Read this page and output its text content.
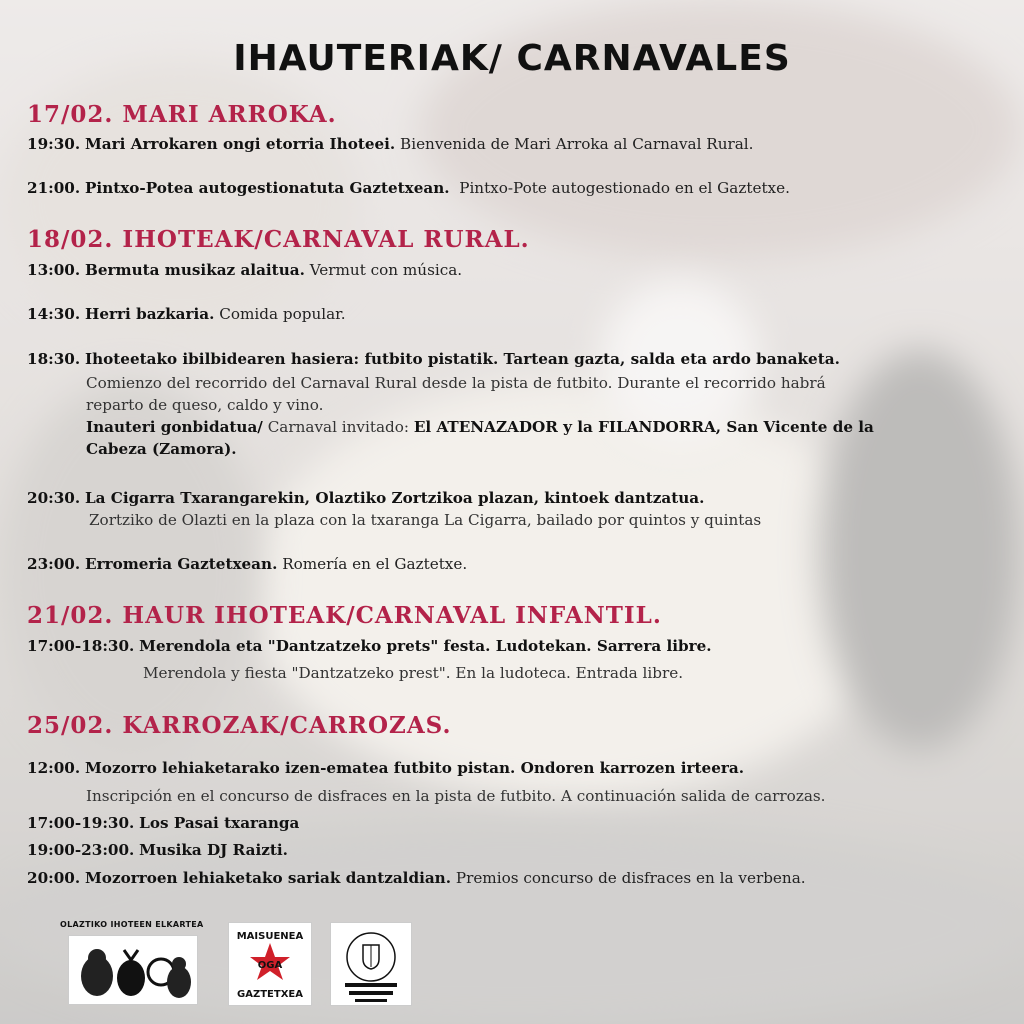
IHAUTERIAK/ CARNAVALES
17/02. MARI ARROKA.
19:30. Mari Arrokaren ongi etorria Ihoteei. Bienvenida de Mari Arroka al Carnaval Rural.
21:00. Pintxo-Potea autogestionatuta Gaztetxean. Pintxo-Pote autogestionado en el Gaztetxe.
18/02. IHOTEAK/CARNAVAL RURAL.
13:00. Bermuta musikaz alaitua. Vermut con música.
14:30. Herri bazkaria. Comida popular.
18:30. Ihoteetako ibilbidearen hasiera: futbito pistatik. Tartean gazta, salda eta ardo banaketa.
Comienzo del recorrido del Carnaval Rural desde la pista de futbito. Durante el recorrido habrá
reparto de queso, caldo y vino.
Inauteri gonbidatua/ Carnaval invitado: El ATENAZADOR y la FILANDORRA, San Vicente de la
Cabeza (Zamora).
20:30. La Cigarra Txarangarekin, Olaztiko Zortzikoa plazan, kintoek dantzatua.
Zortziko de Olazti en la plaza con la txaranga La Cigarra, bailado por quintos y quintas
23:00. Erromeria Gaztetxean. Romería en el Gaztetxe.
21/02. HAUR IHOTEAK/CARNAVAL INFANTIL.
17:00-18:30. Merendola eta "Dantzatzeko prets" festa. Ludotekan. Sarrera libre.
Merendola y fiesta "Dantzatzeko prest". En la ludoteca. Entrada libre.
25/02. KARROZAK/CARROZAS.
12:00. Mozorro lehiaketarako izen-ematea futbito pistan. Ondoren karrozen irteera.
Inscripción en el concurso de disfraces en la pista de futbito. A continuación salida de carrozas.
17:00-19:30. Los Pasai txaranga
19:00-23:00. Musika DJ Raizti.
20:00. Mozorroen lehiaketako sariak dantzaldian. Premios concurso de disfraces en la verbena.
OLAZTIKO IHOTEEN ELKARTEA
MAISUENEA
OGA
GAZTETXEA
